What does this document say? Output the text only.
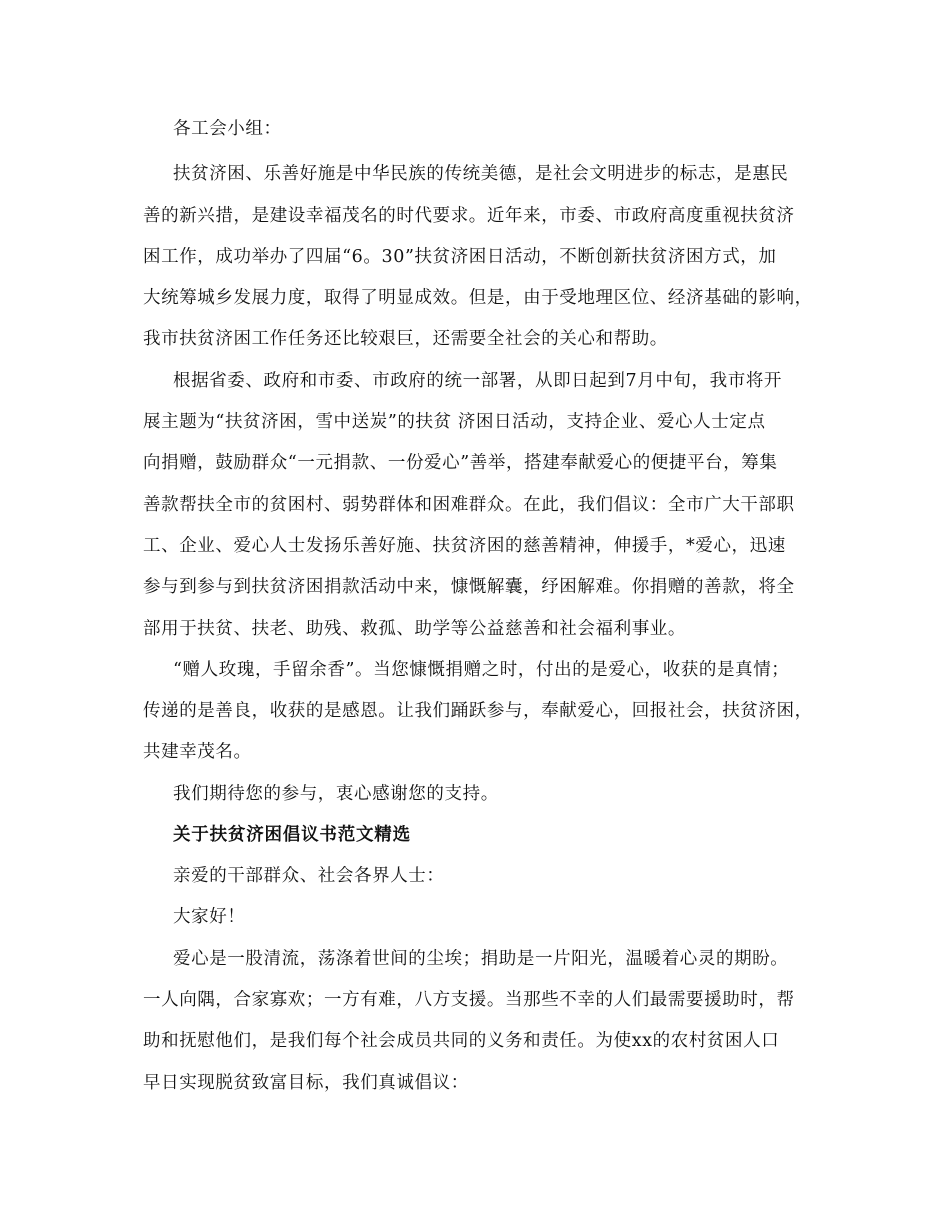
各工会小组：
扶贫济困、乐善好施是中华民族的传统美德，是社会文明进步的标志，是惠民
善的新兴措，是建设幸福茂名的时代要求。近年来，市委、市政府高度重视扶贫济
困工作，成功举办了四届“6。30”扶贫济困日活动，不断创新扶贫济困方式，加
大统筹城乡发展力度，取得了明显成效。但是，由于受地理区位、经济基础的影响，
我市扶贫济困工作任务还比较艰巨，还需要全社会的关心和帮助。
根据省委、政府和市委、市政府的统一部署，从即日起到7月中旬，我市将开
展主题为“扶贫济困，雪中送炭”的扶贫 济困日活动，支持企业、爱心人士定点
向捐赠，鼓励群众“一元捐款、一份爱心”善举，搭建奉献爱心的便捷平台，筹集
善款帮扶全市的贫困村、弱势群体和困难群众。在此，我们倡议：全市广大干部职
工、企业、爱心人士发扬乐善好施、扶贫济困的慈善精神，伸援手，*爱心，迅速
参与到参与到扶贫济困捐款活动中来，慷慨解囊，纾困解难。你捐赠的善款，将全
部用于扶贫、扶老、助残、救孤、助学等公益慈善和社会福利事业。
“赠人玫瑰，手留余香”。当您慷慨捐赠之时，付出的是爱心，收获的是真情；
传递的是善良，收获的是感恩。让我们踊跃参与，奉献爱心，回报社会，扶贫济困，
共建幸茂名。
我们期待您的参与，衷心感谢您的支持。
关于扶贫济困倡议书范文精选
亲爱的干部群众、社会各界人士：
大家好！
爱心是一股清流，荡涤着世间的尘埃；捐助是一片阳光，温暖着心灵的期盼。
一人向隅，合家寡欢；一方有难，八方支援。当那些不幸的人们最需要援助时，帮
助和抚慰他们，是我们每个社会成员共同的义务和责任。为使xx的农村贫困人口
早日实现脱贫致富目标，我们真诚倡议：
